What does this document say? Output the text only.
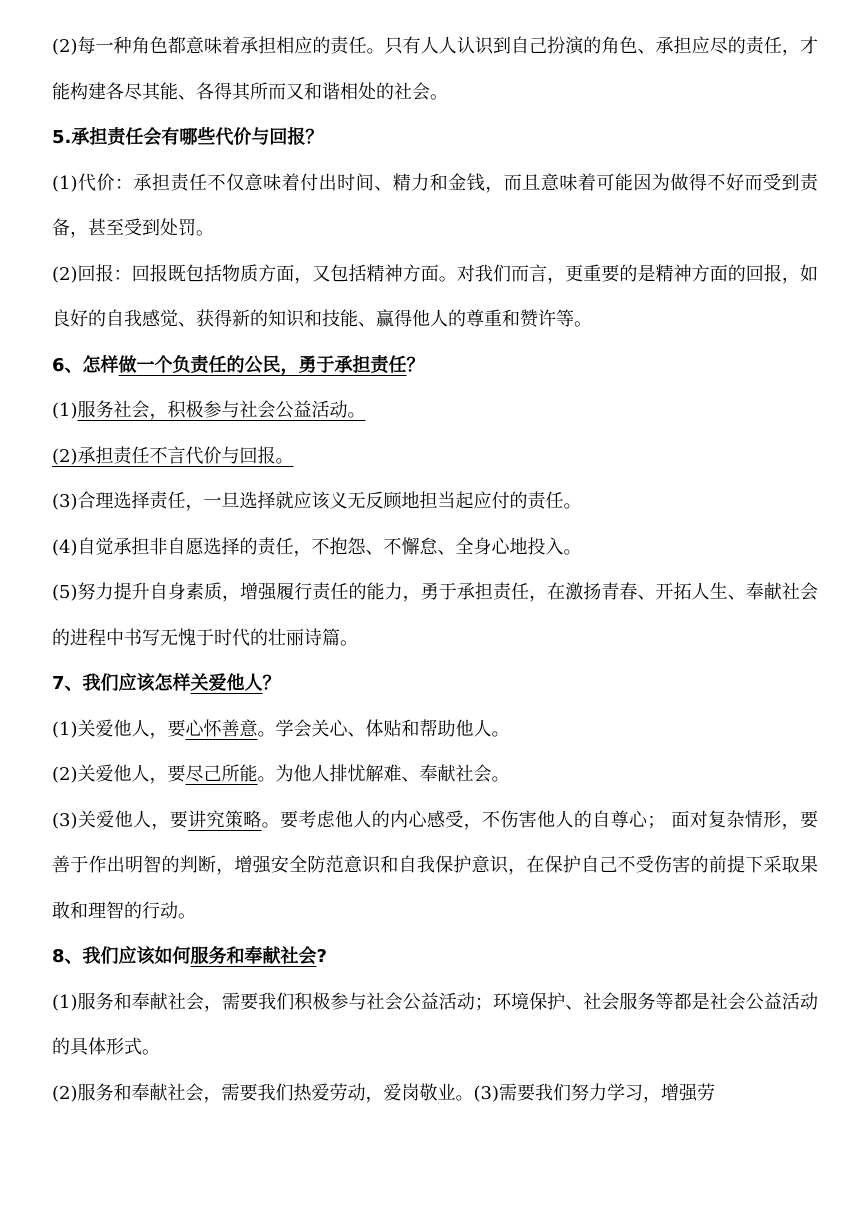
(2)每一种角色都意味着承担相应的责任。只有人人认识到自己扮演的角色、承担应尽的责任，才能构建各尽其能、各得其所而又和谐相处的社会。

5.承担责任会有哪些代价与回报？

(1)代价：承担责任不仅意味着付出时间、精力和金钱，而且意味着可能因为做得不好而受到责备，甚至受到处罚。

(2)回报：回报既包括物质方面，又包括精神方面。对我们而言，更重要的是精神方面的回报，如良好的自我感觉、获得新的知识和技能、赢得他人的尊重和赞许等。

6、怎样做一个负责任的公民，勇于承担责任？

(1)服务社会，积极参与社会公益活动。

(2)承担责任不言代价与回报。

(3)合理选择责任，一旦选择就应该义无反顾地担当起应付的责任。

(4)自觉承担非自愿选择的责任，不抱怨、不懈怠、全身心地投入。

(5)努力提升自身素质，增强履行责任的能力，勇于承担责任，在激扬青春、开拓人生、奉献社会的进程中书写无愧于时代的壮丽诗篇。

7、我们应该怎样关爱他人？

(1)关爱他人，要心怀善意。学会关心、体贴和帮助他人。

(2)关爱他人，要尽己所能。为他人排忧解难、奉献社会。

(3)关爱他人，要讲究策略。要考虑他人的内心感受，不伤害他人的自尊心； 面对复杂情形，要善于作出明智的判断，增强安全防范意识和自我保护意识，在保护自己不受伤害的前提下采取果敢和理智的行动。

8、我们应该如何服务和奉献社会?

(1)服务和奉献社会，需要我们积极参与社会公益活动；环境保护、社会服务等都是社会公益活动的具体形式。

(2)服务和奉献社会，需要我们热爱劳动，爱岗敬业。(3)需要我们努力学习，增强劳
